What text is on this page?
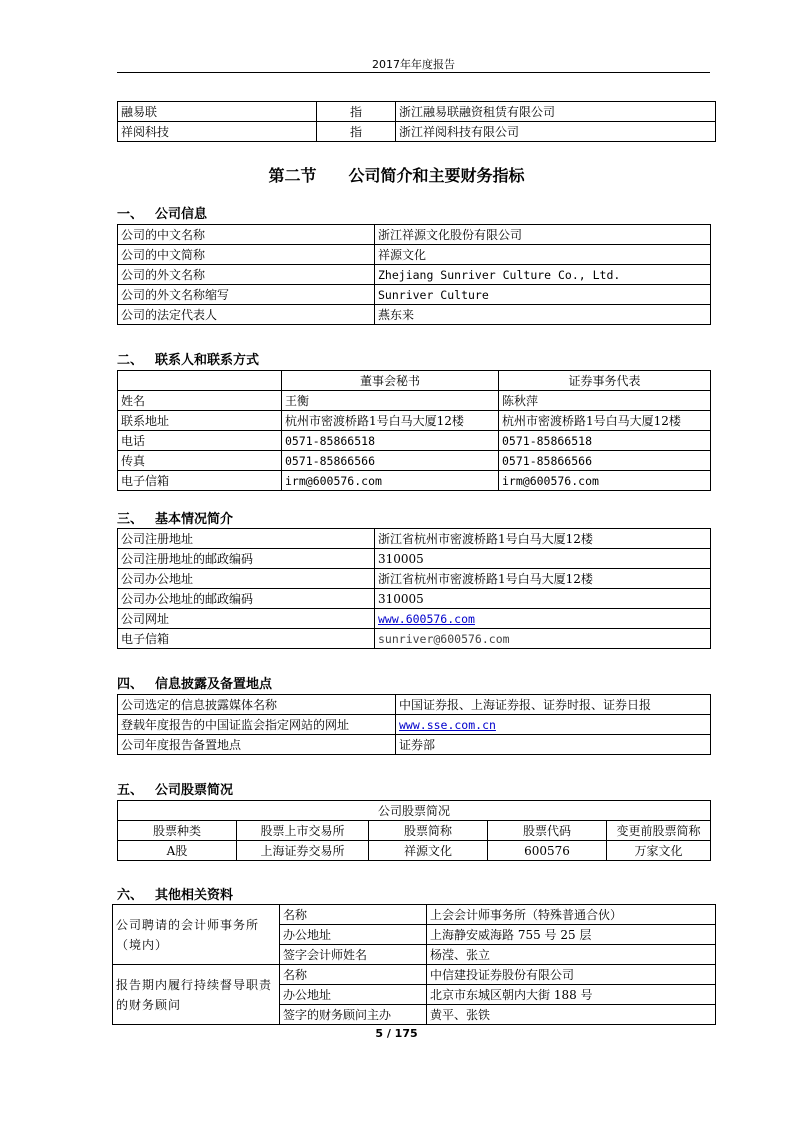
2017年年度报告
融易联	指	浙江融易联融资租赁有限公司
祥阅科技	指	浙江祥阅科技有限公司
第二节　　公司简介和主要财务指标
一、 公司信息
公司的中文名称	浙江祥源文化股份有限公司
公司的中文简称	祥源文化
公司的外文名称	Zhejiang Sunriver Culture Co., Ltd.
公司的外文名称缩写	Sunriver Culture
公司的法定代表人	燕东来
二、 联系人和联系方式
	董事会秘书	证券事务代表
姓名	王衡	陈秋萍
联系地址	杭州市密渡桥路1号白马大厦12楼	杭州市密渡桥路1号白马大厦12楼
电话	0571-85866518	0571-85866518
传真	0571-85866566	0571-85866566
电子信箱	irm@600576.com	irm@600576.com
三、 基本情况简介
公司注册地址	浙江省杭州市密渡桥路1号白马大厦12楼
公司注册地址的邮政编码	310005
公司办公地址	浙江省杭州市密渡桥路1号白马大厦12楼
公司办公地址的邮政编码	310005
公司网址	www.600576.com
电子信箱	sunriver@600576.com
四、 信息披露及备置地点
公司选定的信息披露媒体名称	中国证券报、上海证券报、证券时报、证券日报
登载年度报告的中国证监会指定网站的网址	www.sse.com.cn
公司年度报告备置地点	证券部
五、 公司股票简况
公司股票简况				
股票种类	股票上市交易所	股票简称	股票代码	变更前股票简称
A股	上海证券交易所	祥源文化	600576	万家文化
六、 其他相关资料
公司聘请的会计师事务所（境内）	名称	上会会计师事务所（特殊普通合伙）
	办公地址	上海静安威海路 755 号 25 层
	签字会计师姓名	杨滢、张立
报告期内履行持续督导职责的财务顾问	名称	中信建投证券股份有限公司
	办公地址	北京市东城区朝内大街 188 号
	签字的财务顾问主办	黄平、张铁
5 / 175
